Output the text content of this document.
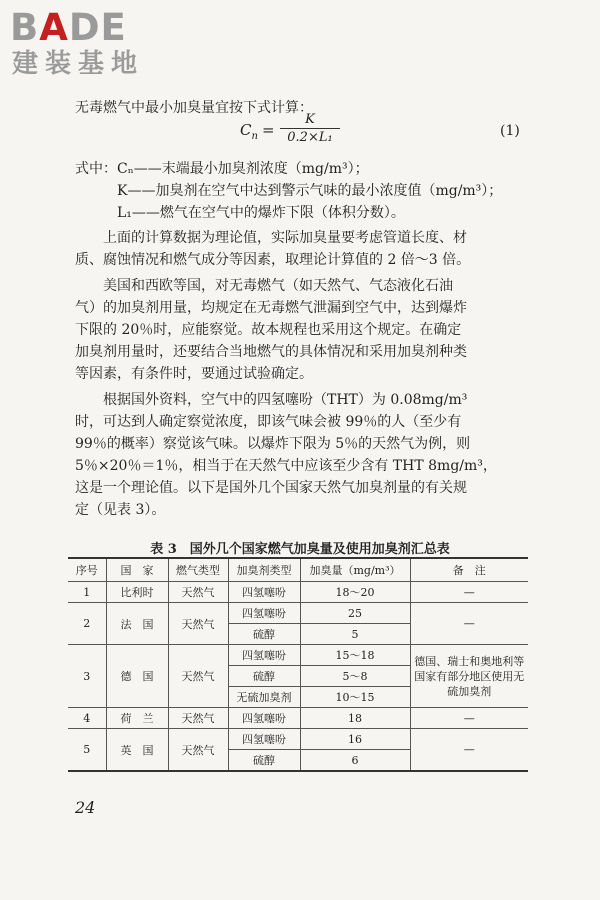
BADE
建装基地
无毒燃气中最小加臭量宜按下式计算：
$C_n = \frac{K}{\text{0.2×L₁}}$	(1)
式中：Cₙ——末端最小加臭剂浓度（mg/m³）；
K——加臭剂在空气中达到警示气味的最小浓度值（mg/m³）；
L₁——燃气在空气中的爆炸下限（体积分数）。
上面的计算数据为理论值，实际加臭量要考虑管道长度、材
质、腐蚀情况和燃气成分等因素，取理论计算值的 2 倍～3 倍。
美国和西欧等国，对无毒燃气（如天然气、气态液化石油
气）的加臭剂用量，均规定在无毒燃气泄漏到空气中，达到爆炸
下限的 20％时，应能察觉。故本规程也采用这个规定。在确定
加臭剂用量时，还要结合当地燃气的具体情况和采用加臭剂种类
等因素，有条件时，要通过试验确定。
根据国外资料，空气中的四氢噻吩（THT）为 0.08mg/m³
时，可达到人确定察觉浓度，即该气味会被 99％的人（至少有
99％的概率）察觉该气味。以爆炸下限为 5％的天然气为例，则
5％×20％＝1％，相当于在天然气中应该至少含有 THT 8mg/m³，
这是一个理论值。以下是国外几个国家天然气加臭剂量的有关规
定（见表 3）。
表 3　国外几个国家燃气加臭量及使用加臭剂汇总表
序号	国　家	燃气类型	加臭剂类型	加臭量（mg/m³）	备　注
1	比利时	天然气	四氢噻吩	18～20	—
2	法　国	天然气	四氢噻吩	25	—
			硫醇	5	
3	德　国	天然气	四氢噻吩	15～18	德国、瑞士和奥地利等国家有部分地区使用无硫加臭剂
			硫醇	5～8	
			无硫加臭剂	10～15	
4	荷　兰	天然气	四氢噻吩	18	—
5	英　国	天然气	四氢噻吩	16	—
			硫醇	6	
24
